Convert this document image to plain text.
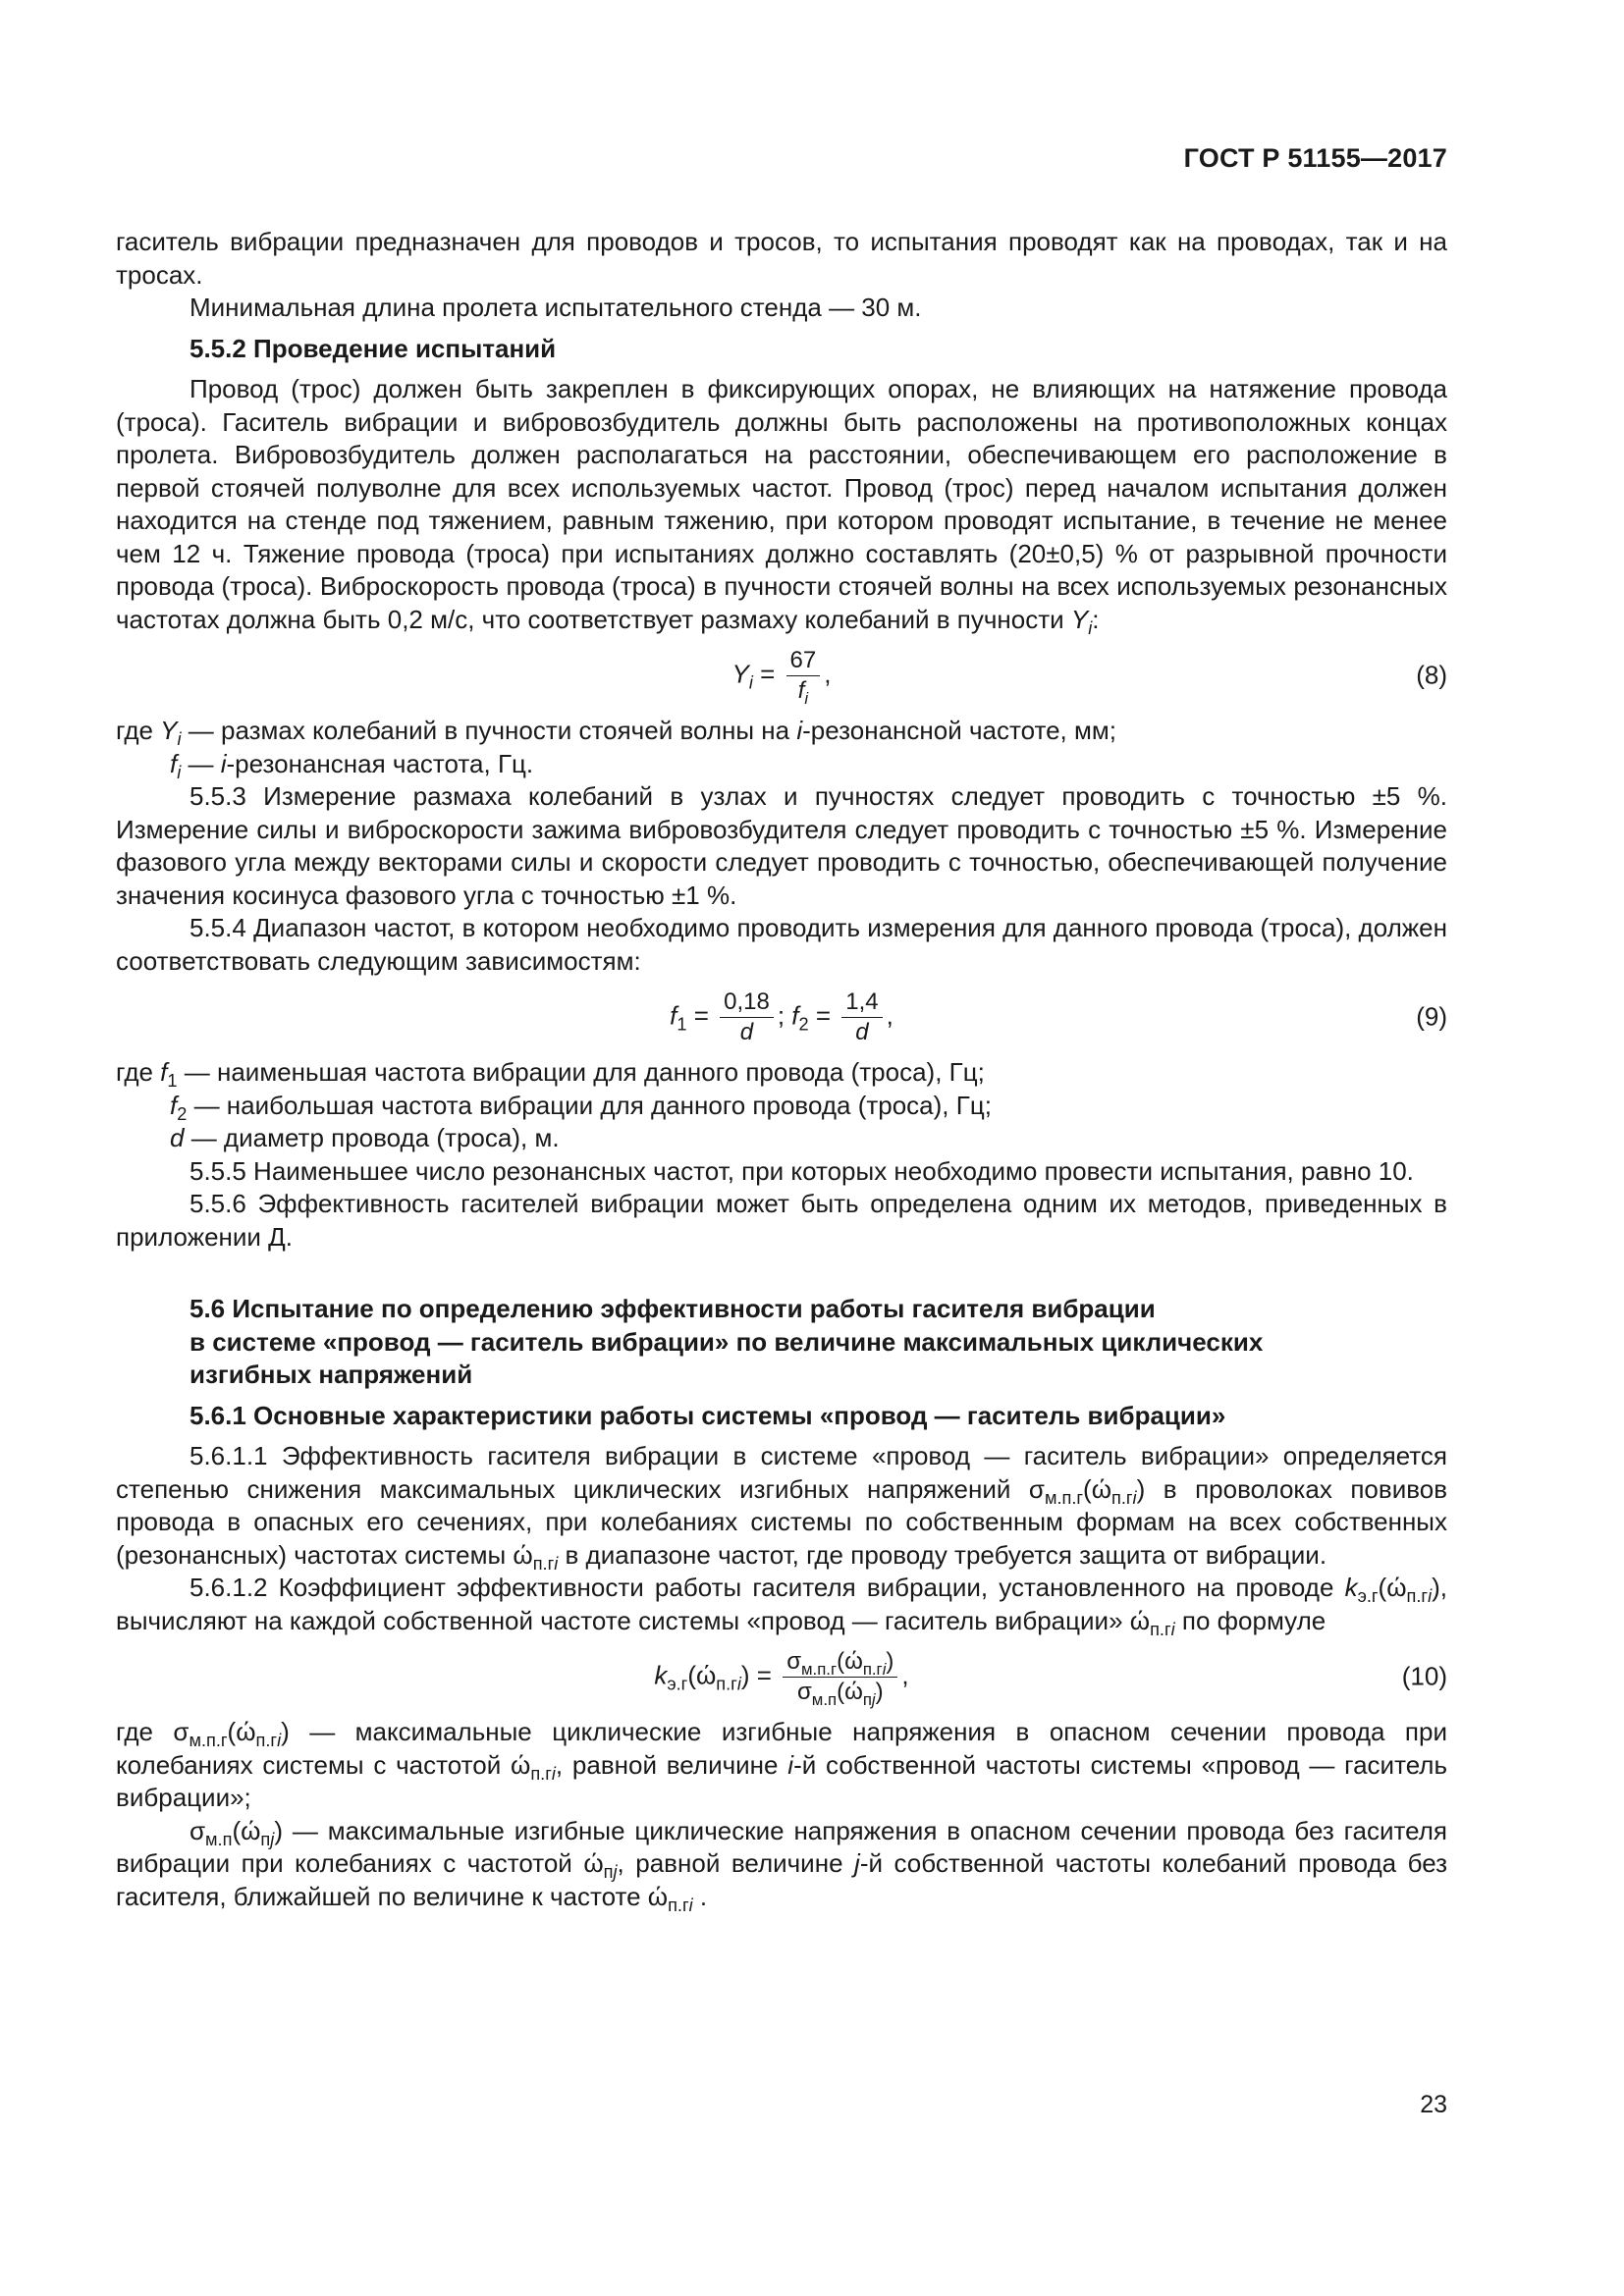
ГОСТ Р 51155—2017

гаситель вибрации предназначен для проводов и тросов, то испытания проводят как на проводах, так и на тросах.

Минимальная длина пролета испытательного стенда — 30 м.

5.5.2 Проведение испытаний

Провод (трос) должен быть закреплен в фиксирующих опорах, не влияющих на натяжение провода (троса). Гаситель вибрации и вибровозбудитель должны быть расположены на противоположных концах пролета. Вибровозбудитель должен располагаться на расстоянии, обеспечивающем его расположение в первой стоячей полуволне для всех используемых частот. Провод (трос) перед началом испытания должен находится на стенде под тяжением, равным тяжению, при котором проводят испытание, в течение не менее чем 12 ч. Тяжение провода (троса) при испытаниях должно составлять (20±0,5) % от разрывной прочности провода (троса). Виброскорость провода (троса) в пучности стоячей волны на всех используемых резонансных частотах должна быть 0,2 м/с, что соответствует размаху колебаний в пучности $Y_i$:

$Y_i = \frac{67}{f_i}$ ,	(8)

где $Y_i$ — размах колебаний в пучности стоячей волны на i-резонансной частоте, мм;

$f_i$ — i-резонансная частота, Гц.

5.5.3 Измерение размаха колебаний в узлах и пучностях следует проводить с точностью ±5 %. Измерение силы и виброскорости зажима вибровозбудителя следует проводить с точностью ±5 %. Измерение фазового угла между векторами силы и скорости следует проводить с точностью, обеспечивающей получение значения косинуса фазового угла с точностью ±1 %.

5.5.4 Диапазон частот, в котором необходимо проводить измерения для данного провода (троса), должен соответствовать следующим зависимостям:

$f_1 = \frac{0,18}{d}$ ; $f_2 = \frac{1,4}{d}$ ,	(9)

где $f_1$ — наименьшая частота вибрации для данного провода (троса), Гц;

$f_2$ — наибольшая частота вибрации для данного провода (троса), Гц;

d — диаметр провода (троса), м.

5.5.5 Наименьшее число резонансных частот, при которых необходимо провести испытания, равно 10.

5.5.6 Эффективность гасителей вибрации может быть определена одним их методов, приведенных в приложении Д.

5.6 Испытание по определению эффективности работы гасителя вибрации
в системе «провод — гаситель вибрации» по величине максимальных циклических
изгибных напряжений
5.6.1 Основные характеристики работы системы «провод — гаситель вибрации»

5.6.1.1 Эффективность гасителя вибрации в системе «провод — гаситель вибрации» определяется степенью снижения максимальных циклических изгибных напряжений $\sigma_{м.п.г}(ώ_{п.гi})$ в проволоках повивов провода в опасных его сечениях, при колебаниях системы по собственным формам на всех собственных (резонансных) частотах системы $ώ_{п.гi}$ в диапазоне частот, где проводу требуется защита от вибрации.

5.6.1.2 Коэффициент эффективности работы гасителя вибрации, установленного на проводе $k_{э.г}(ώ_{п.гi})$, вычисляют на каждой собственной частоте системы «провод — гаситель вибрации» $ώ_{п.гi}$ по формуле

$k_{э.г}(ώ_{п.гi}) = \frac{\sigma_{м.п.г}(ώ_{п.гi})}{\sigma_{м.п}(ώ_{пj})}$ ,	(10)

где $\sigma_{м.п.г}(ώ_{п.гi})$ — максимальные циклические изгибные напряжения в опасном сечении провода при колебаниях системы с частотой $ώ_{п.гi}$, равной величине i-й собственной частоты системы «провод — гаситель вибрации»;

$\sigma_{м.п}(ώ_{пj})$ — максимальные изгибные циклические напряжения в опасном сечении провода без гасителя вибрации при колебаниях с частотой $ώ_{пj}$, равной величине j-й собственной частоты колебаний провода без гасителя, ближайшей по величине к частоте $ώ_{п.гi}$ .

23
